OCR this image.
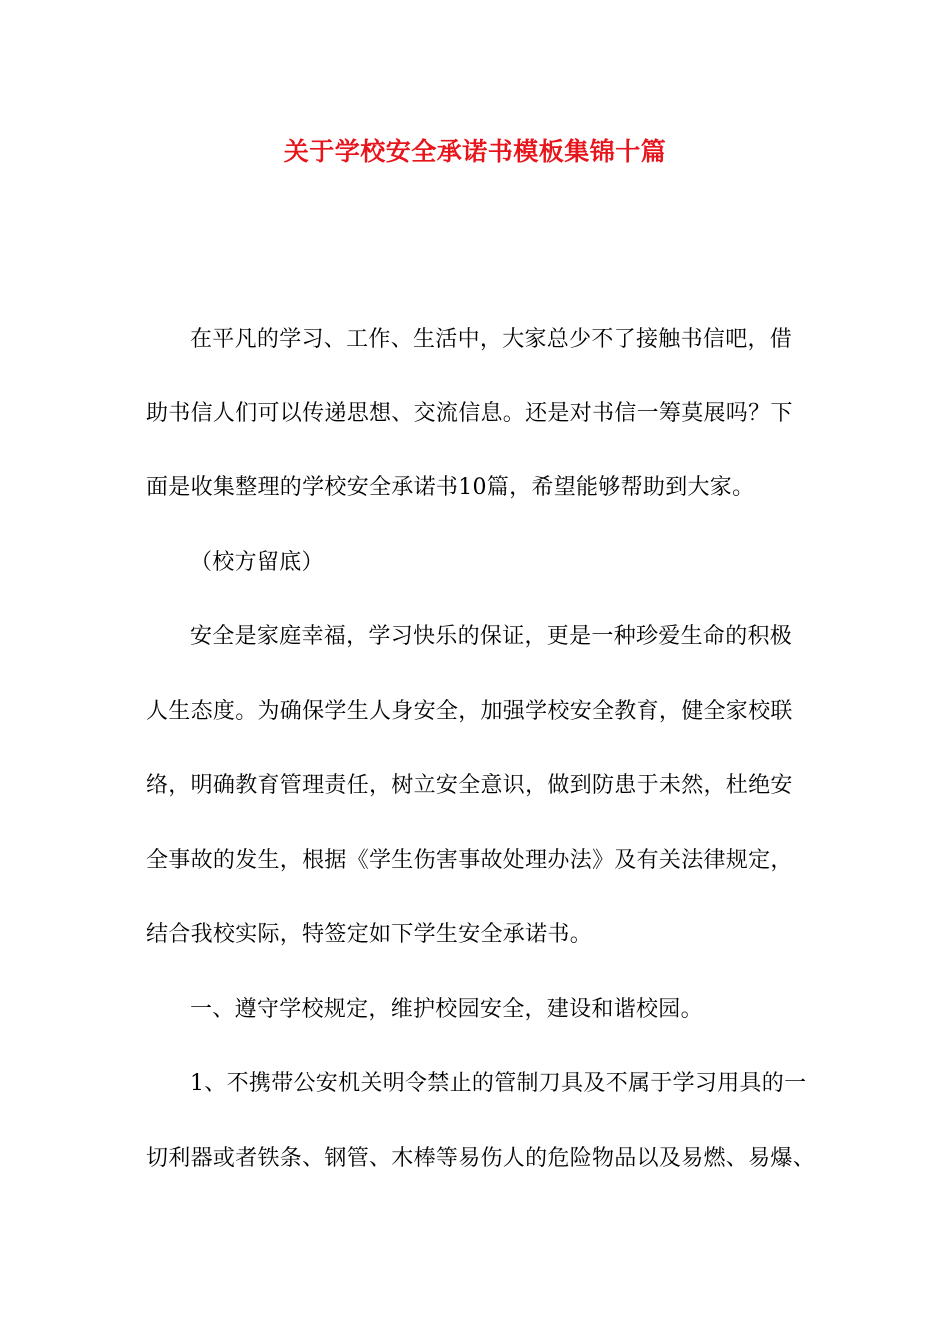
关于学校安全承诺书模板集锦十篇
在平凡的学习、工作、生活中，大家总少不了接触书信吧，借
助书信人们可以传递思想、交流信息。还是对书信一筹莫展吗？下
面是收集整理的学校安全承诺书10篇，希望能够帮助到大家。
（校方留底）
安全是家庭幸福，学习快乐的保证，更是一种珍爱生命的积极
人生态度。为确保学生人身安全，加强学校安全教育，健全家校联
络，明确教育管理责任，树立安全意识，做到防患于未然，杜绝安
全事故的发生，根据《学生伤害事故处理办法》及有关法律规定，
结合我校实际，特签定如下学生安全承诺书。
一、遵守学校规定，维护校园安全，建设和谐校园。
1、不携带公安机关明令禁止的管制刀具及不属于学习用具的一
切利器或者铁条、钢管、木棒等易伤人的危险物品以及易燃、易爆、
